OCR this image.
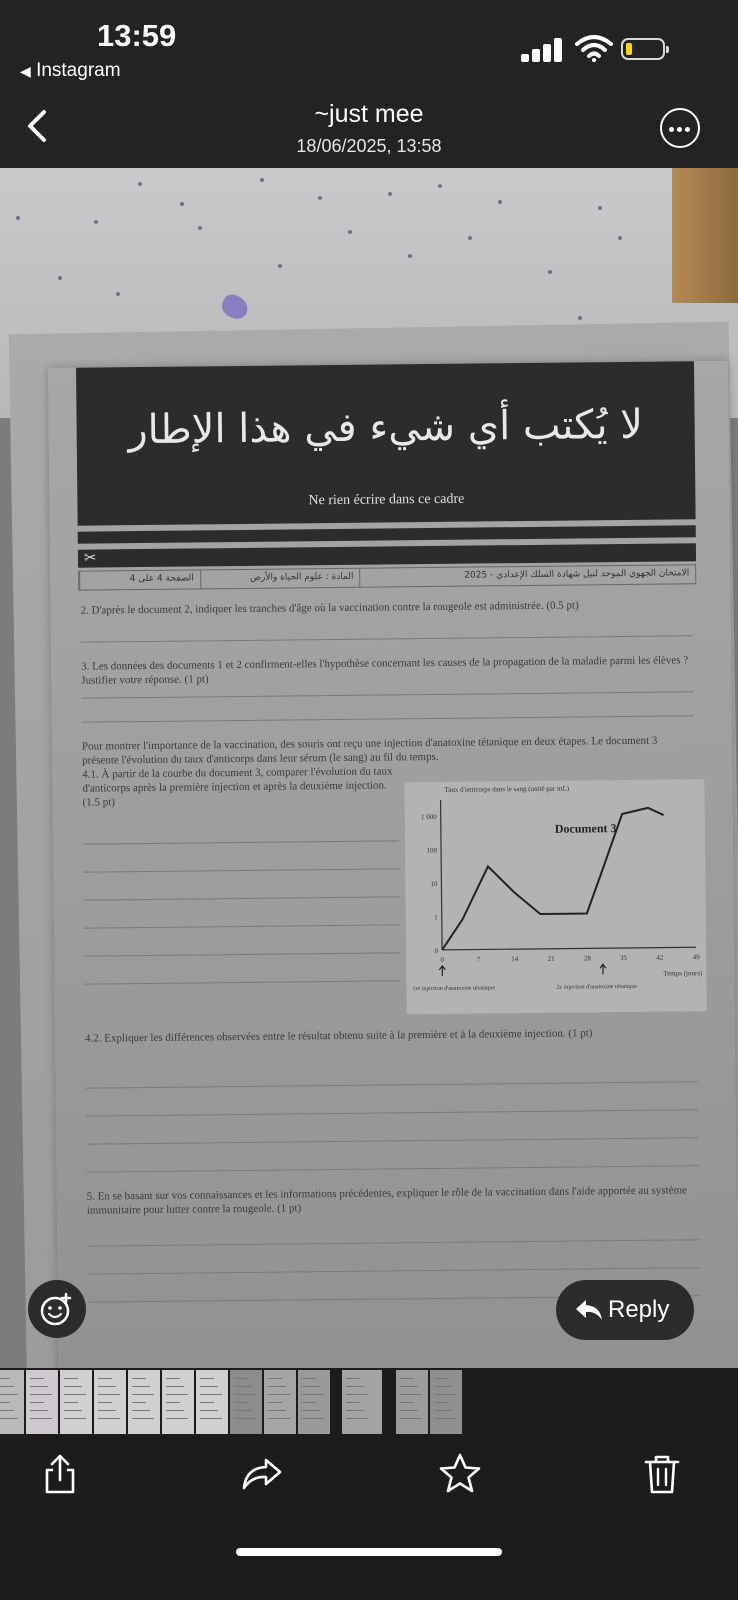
13:59
◀ Instagram
~just mee
18/06/2025, 13:58
لا يُكتب أي شيء في هذا الإطار
Ne rien écrire dans ce cadre
✂
الامتحان الجهوي الموحد لنيل شهادة السلك الإعدادي - 2025
المادة : علوم الحياة والأرض
الصفحة 4 على 4
2. D'après le document 2, indiquer les tranches d'âge où la vaccination contre la rougeole est administrée. (0.5 pt)
3. Les données des documents 1 et 2 confirment-elles l'hypothèse concernant les causes de la propagation de la maladie parmi les élèves ? Justifier votre réponse. (1 pt)
Pour montrer l'importance de la vaccination, des souris ont reçu une injection d'anatoxine tétanique en deux étapes. Le document 3 présente l'évolution du taux d'anticorps dans leur sérum (le sang) au fil du temps.
4.1. À partir de la courbe du document 3, comparer l'évolution du taux d'anticorps après la première injection et après la deuxième injection. (1.5 pt)
Taux d'anticorps dans le sang (unité par mL)
Document 3
Temps (jours)
1 000
100
10
1
0
0	7	14	21	28	35	42	49
1re injection d'anatoxine tétanique	2e injection d'anatoxine tétanique
4.2. Expliquer les différences observées entre le résultat obtenu suite à la première et à la deuxième injection. (1 pt)
5. En se basant sur vos connaissances et les informations précédentes, expliquer le rôle de la vaccination dans l'aide apportée au système immunitaire pour lutter contre la rougeole. (1 pt)
Reply
